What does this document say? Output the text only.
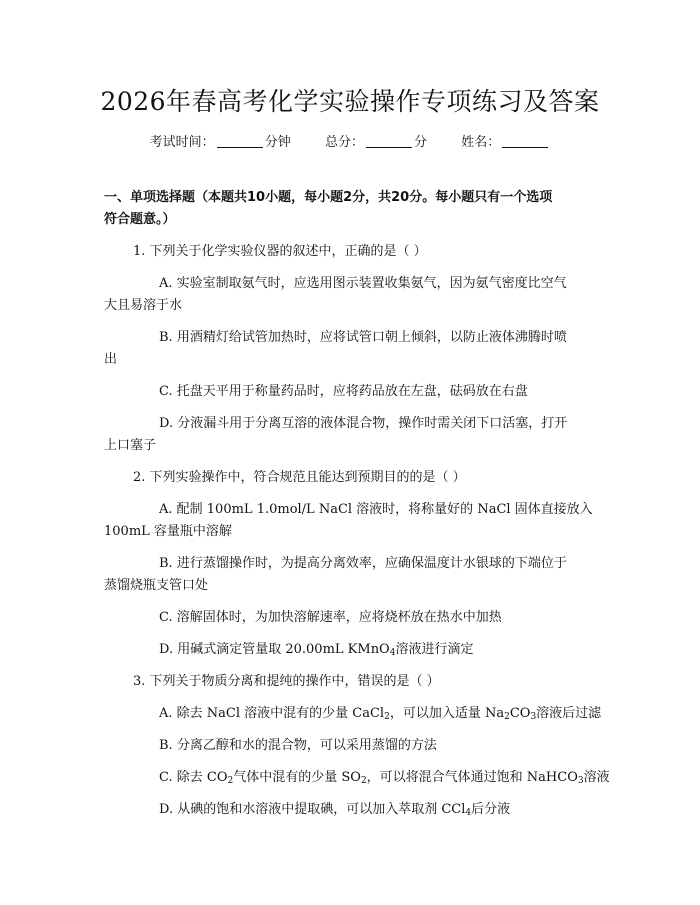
2026年春高考化学实验操作专项练习及答案
考试时间：	分钟	总分：	分	姓名：
一、单项选择题（本题共10小题，每小题2分，共20分。每小题只有一个选项
符合题意。）
1. 下列关于化学实验仪器的叙述中，正确的是（ ）
A. 实验室制取氨气时，应选用图示装置收集氨气，因为氨气密度比空气
大且易溶于水
B. 用酒精灯给试管加热时，应将试管口朝上倾斜，以防止液体沸腾时喷
出
C. 托盘天平用于称量药品时，应将药品放在左盘，砝码放在右盘
D. 分液漏斗用于分离互溶的液体混合物，操作时需关闭下口活塞，打开
上口塞子
2. 下列实验操作中，符合规范且能达到预期目的的是（ ）
A. 配制 100mL 1.0mol/L NaCl 溶液时，将称量好的 NaCl 固体直接放入
100mL 容量瓶中溶解
B. 进行蒸馏操作时，为提高分离效率，应确保温度计水银球的下端位于
蒸馏烧瓶支管口处
C. 溶解固体时，为加快溶解速率，应将烧杯放在热水中加热
D. 用碱式滴定管量取 20.00mL KMnO$_4$溶液进行滴定
3. 下列关于物质分离和提纯的操作中，错误的是（ ）
A. 除去 NaCl 溶液中混有的少量 CaCl$_2$，可以加入适量 $Na_2CO_3$溶液后过滤
B. 分离乙醇和水的混合物，可以采用蒸馏的方法
C. 除去 $CO_2$气体中混有的少量 $SO_2$，可以将混合气体通过饱和 NaHCO$_3$溶液
D. 从碘的饱和水溶液中提取碘，可以加入萃取剂 CCl$_4$后分液
